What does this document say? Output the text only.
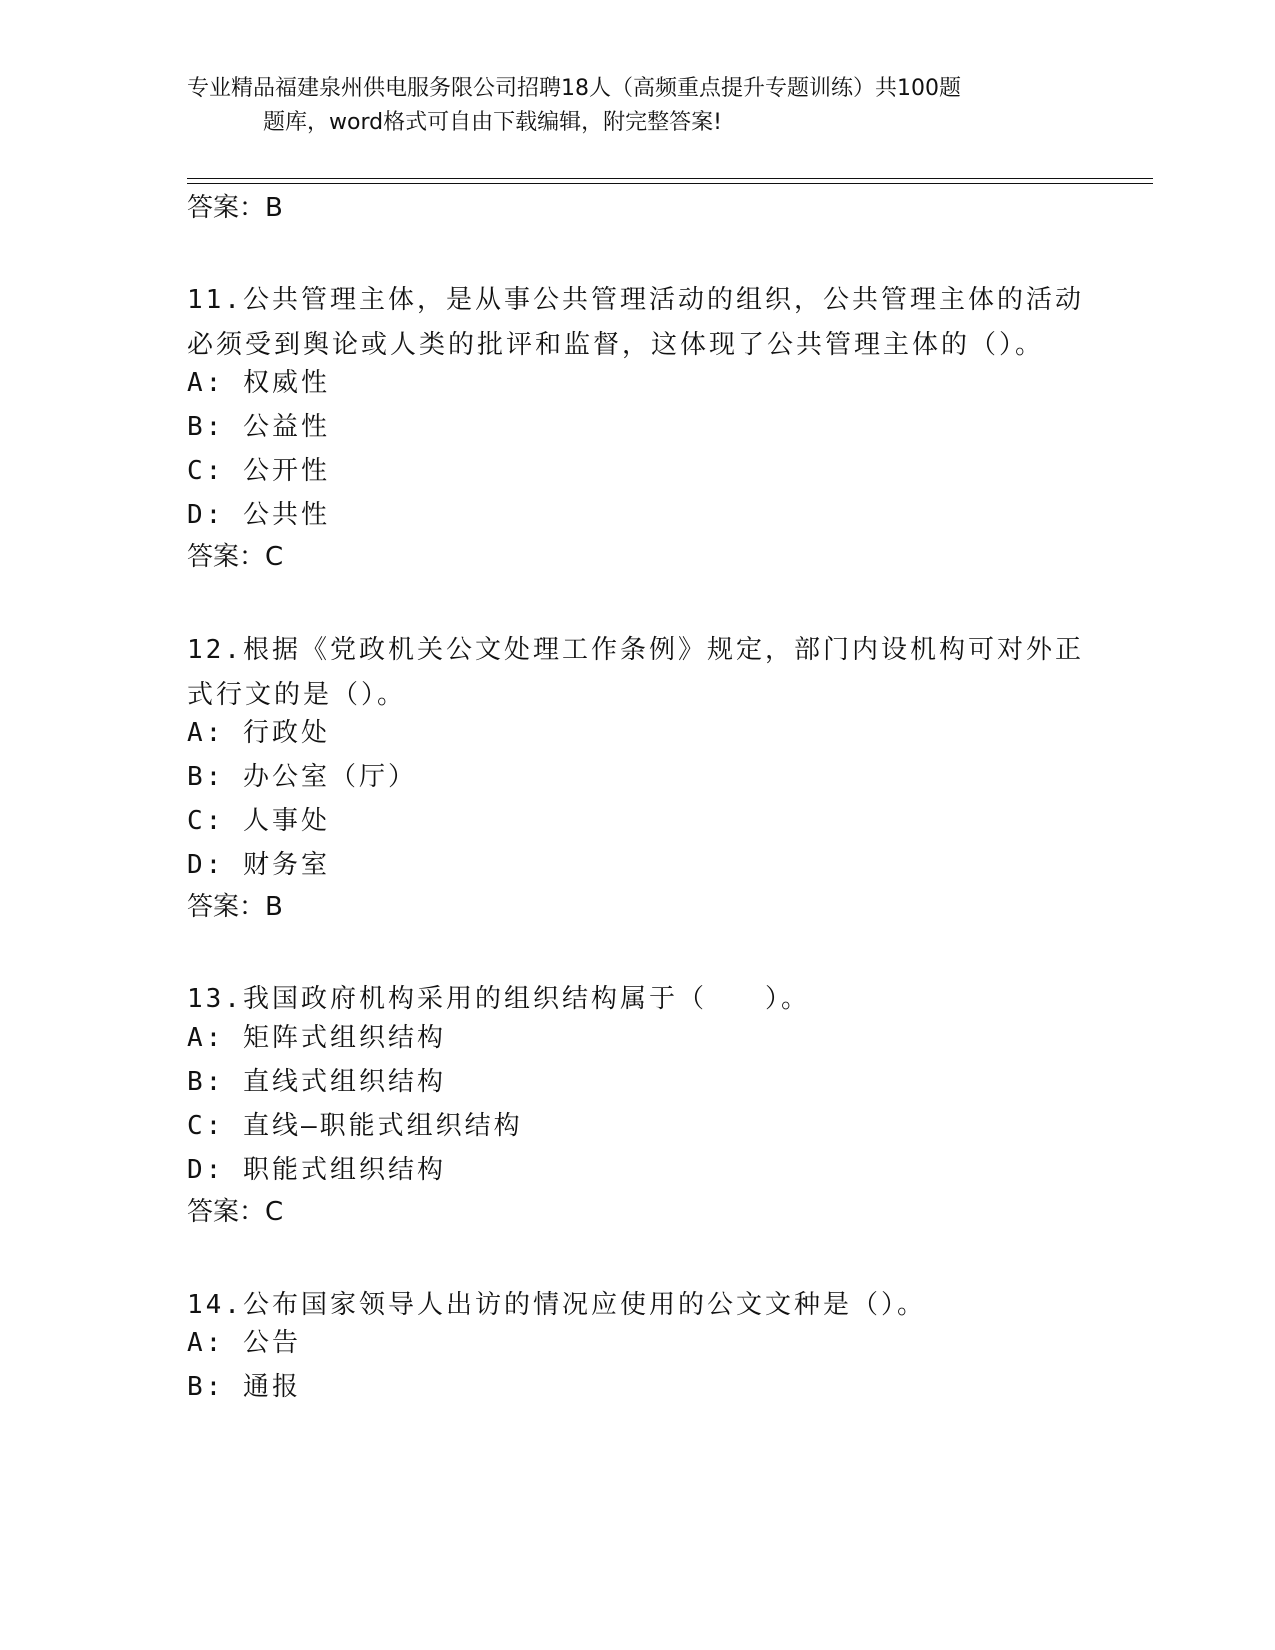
专业精品福建泉州供电服务限公司招聘18人（高频重点提升专题训练）共100题
题库，word格式可自由下载编辑，附完整答案!
答案：B
11.公共管理主体，是从事公共管理活动的组织，公共管理主体的活动必须受到舆论或人类的批评和监督，这体现了公共管理主体的（）。
A: 权威性
B: 公益性
C: 公开性
D: 公共性
答案：C
12.根据《党政机关公文处理工作条例》规定，部门内设机构可对外正式行文的是（）。
A: 行政处
B: 办公室（厅）
C: 人事处
D: 财务室
答案：B
13.我国政府机构采用的组织结构属于（　　）。
A: 矩阵式组织结构
B: 直线式组织结构
C: 直线—职能式组织结构
D: 职能式组织结构
答案：C
14.公布国家领导人出访的情况应使用的公文文种是（）。
A: 公告
B: 通报
